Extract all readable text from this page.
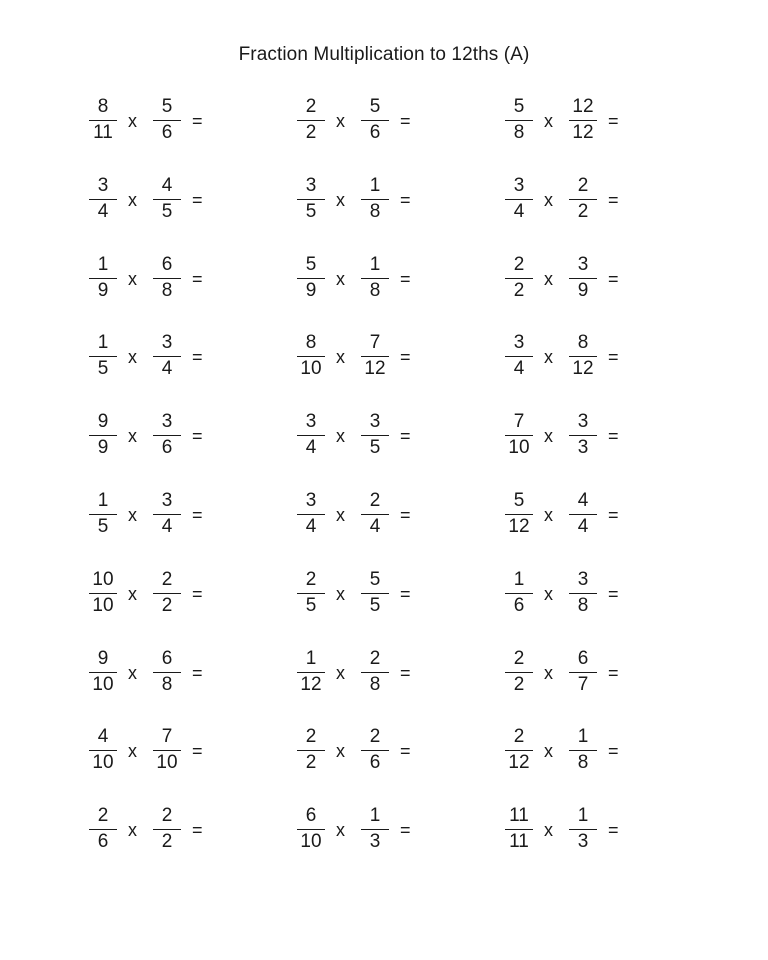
Fraction Multiplication to 12ths (A)
8
11
x
5
6
=
2
2
x
5
6
=
5
8
x
12
12
=
3
4
x
4
5
=
3
5
x
1
8
=
3
4
x
2
2
=
1
9
x
6
8
=
5
9
x
1
8
=
2
2
x
3
9
=
1
5
x
3
4
=
8
10
x
7
12
=
3
4
x
8
12
=
9
9
x
3
6
=
3
4
x
3
5
=
7
10
x
3
3
=
1
5
x
3
4
=
3
4
x
2
4
=
5
12
x
4
4
=
10
10
x
2
2
=
2
5
x
5
5
=
1
6
x
3
8
=
9
10
x
6
8
=
1
12
x
2
8
=
2
2
x
6
7
=
4
10
x
7
10
=
2
2
x
2
6
=
2
12
x
1
8
=
2
6
x
2
2
=
6
10
x
1
3
=
11
11
x
1
3
=
